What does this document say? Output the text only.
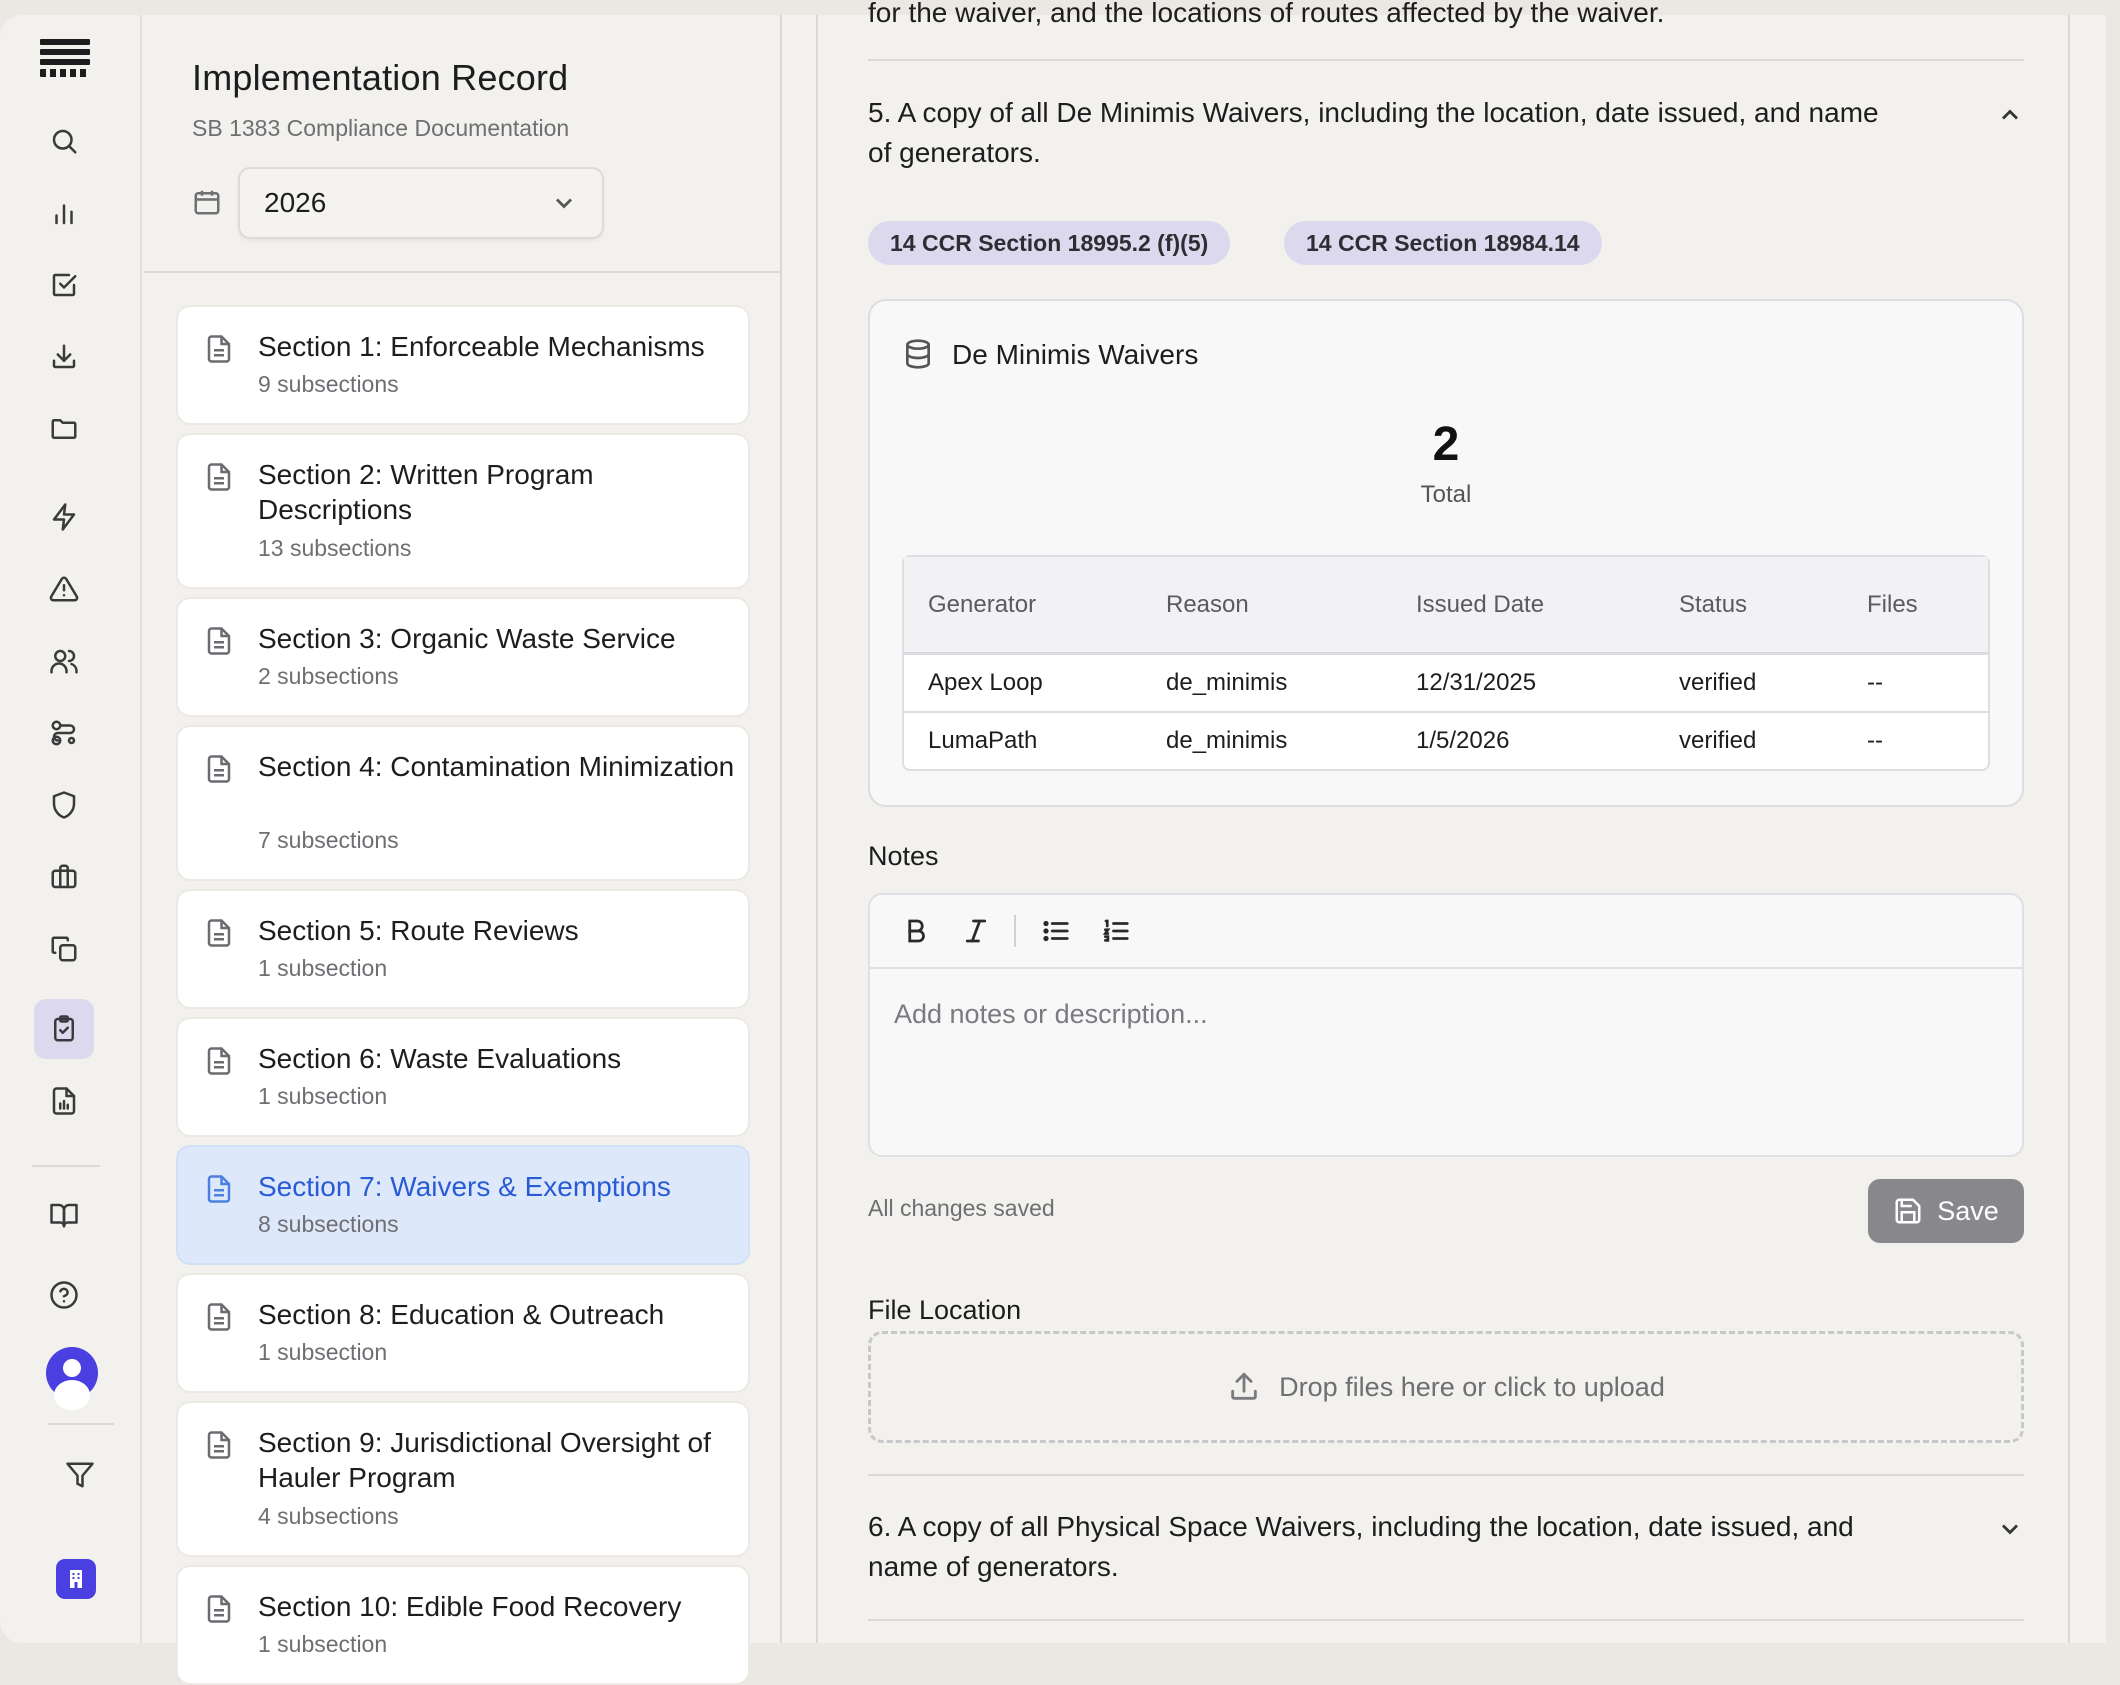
Implementation Record
SB 1383 Compliance Documentation
2026
Section 1: Enforceable Mechanisms
9 subsections
Section 2: Written Program Descriptions
13 subsections
Section 3: Organic Waste Service
2 subsections
Section 4: Contamination Minimization
7 subsections
Section 5: Route Reviews
1 subsection
Section 6: Waste Evaluations
1 subsection
Section 7: Waivers & Exemptions
8 subsections
Section 8: Education & Outreach
1 subsection
Section 9: Jurisdictional Oversight of Hauler Program
4 subsections
Section 10: Edible Food Recovery
1 subsection
for the waiver, and the locations of routes affected by the waiver.
5. A copy of all De Minimis Waivers, including the location, date issued, and name of generators.
14 CCR Section 18995.2 (f)(5)	14 CCR Section 18984.14
De Minimis Waivers
2
Total
Generator	Reason	Issued Date	Status	Files
Apex Loop	de_minimis	12/31/2025	verified	--
LumaPath	de_minimis	1/5/2026	verified	--
Notes
Add notes or description...
All changes saved	Save
File Location
Drop files here or click to upload
6. A copy of all Physical Space Waivers, including the location, date issued, and name of generators.
